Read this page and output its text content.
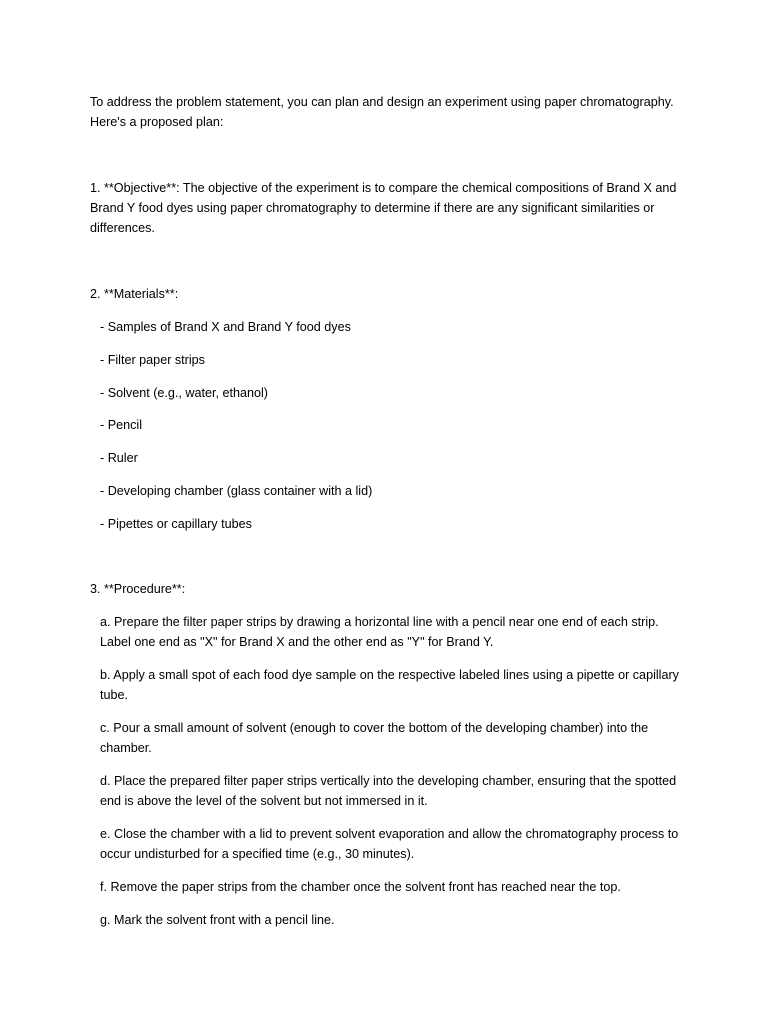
To address the problem statement, you can plan and design an experiment using paper chromatography. Here's a proposed plan:
1. **Objective**: The objective of the experiment is to compare the chemical compositions of Brand X and Brand Y food dyes using paper chromatography to determine if there are any significant similarities or differences.
2. **Materials**:
- Samples of Brand X and Brand Y food dyes
- Filter paper strips
- Solvent (e.g., water, ethanol)
- Pencil
- Ruler
- Developing chamber (glass container with a lid)
- Pipettes or capillary tubes
3. **Procedure**:
a. Prepare the filter paper strips by drawing a horizontal line with a pencil near one end of each strip. Label one end as "X" for Brand X and the other end as "Y" for Brand Y.
b. Apply a small spot of each food dye sample on the respective labeled lines using a pipette or capillary tube.
c. Pour a small amount of solvent (enough to cover the bottom of the developing chamber) into the chamber.
d. Place the prepared filter paper strips vertically into the developing chamber, ensuring that the spotted end is above the level of the solvent but not immersed in it.
e. Close the chamber with a lid to prevent solvent evaporation and allow the chromatography process to occur undisturbed for a specified time (e.g., 30 minutes).
f. Remove the paper strips from the chamber once the solvent front has reached near the top.
g. Mark the solvent front with a pencil line.
